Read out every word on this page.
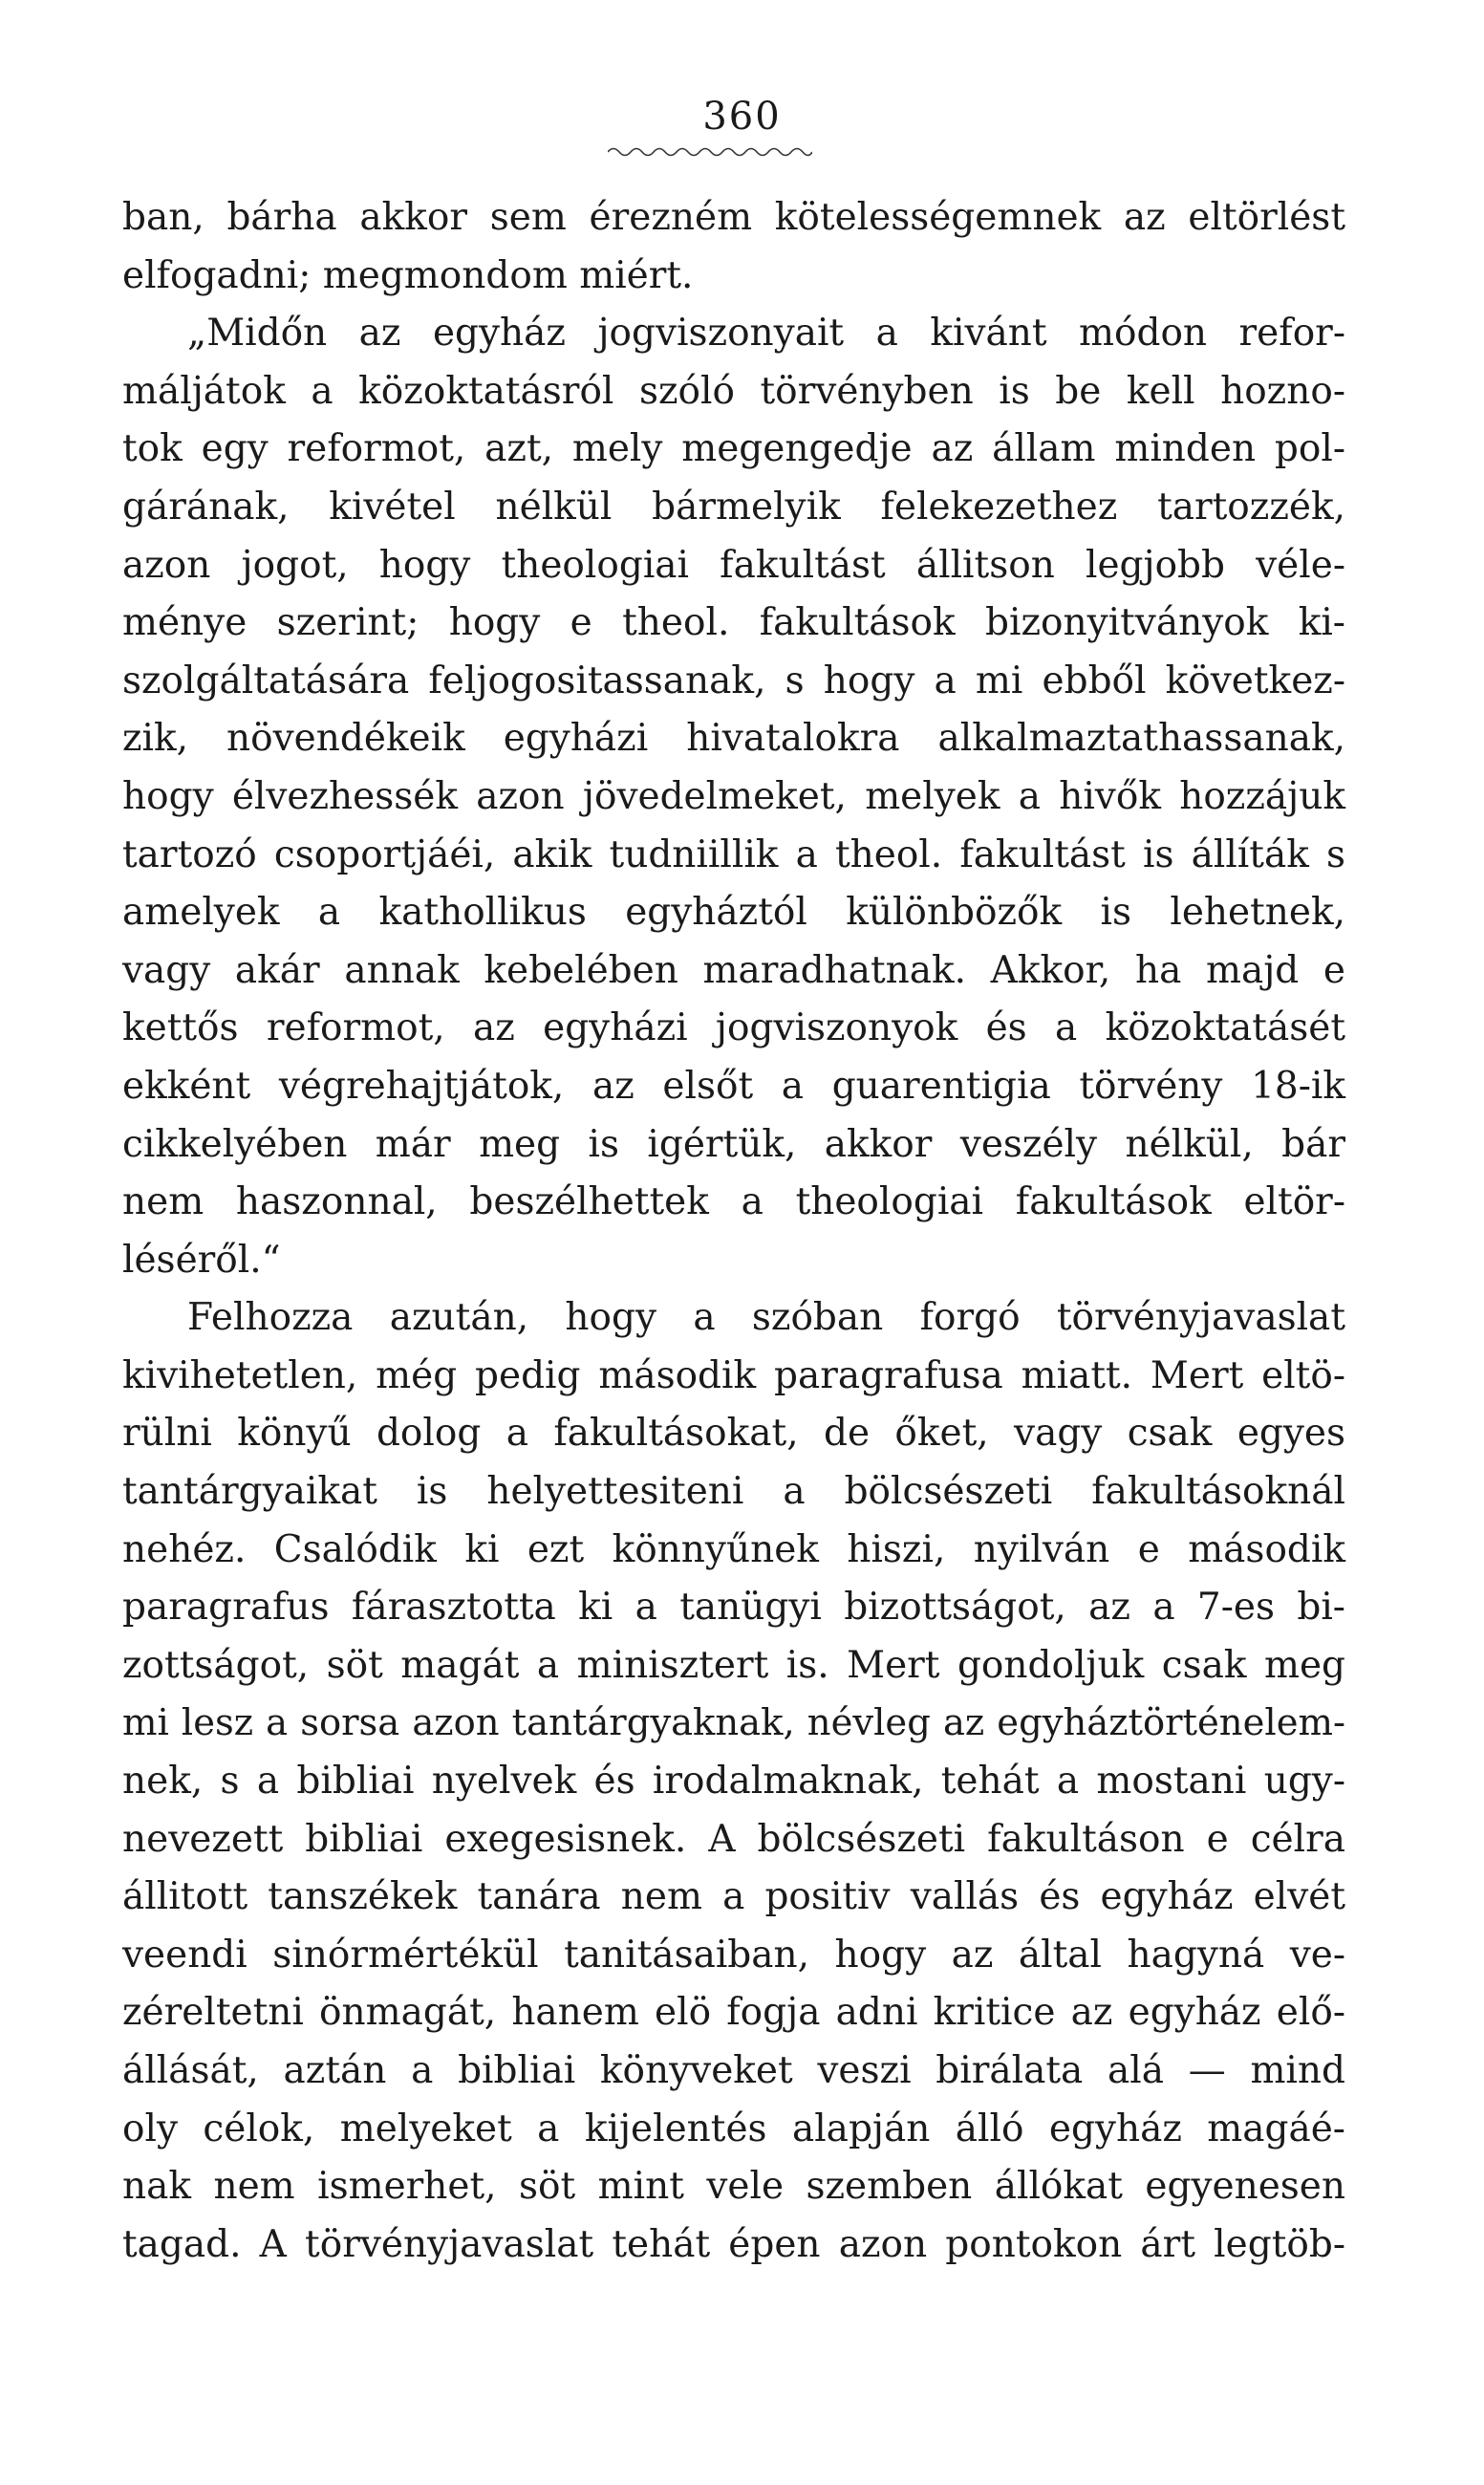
360
ban, bárha akkor sem érezném kötelességemnek az eltörlést
elfogadni; megmondom miért.
„Midőn az egyház jogviszonyait a kivánt módon refor-
máljátok a közoktatásról szóló törvényben is be kell hozno-
tok egy reformot, azt, mely megengedje az állam minden pol-
gárának, kivétel nélkül bármelyik felekezethez tartozzék,
azon jogot, hogy theologiai fakultást állitson legjobb véle-
ménye szerint; hogy e theol. fakultások bizonyitványok ki-
szolgáltatására feljogositassanak, s hogy a mi ebből következ-
zik, növendékeik egyházi hivatalokra alkalmaztathassanak,
hogy élvezhessék azon jövedelmeket, melyek a hivők hozzájuk
tartozó csoportjáéi, akik tudniillik a theol. fakultást is állíták s
amelyek a kathollikus egyháztól különbözők is lehetnek,
vagy akár annak kebelében maradhatnak. Akkor, ha majd e
kettős reformot, az egyházi jogviszonyok és a közoktatásét
ekként végrehajtjátok, az elsőt a guarentigia törvény 18-ik
cikkelyében már meg is igértük, akkor veszély nélkül, bár
nem haszonnal, beszélhettek a theologiai fakultások eltör-
léséről.“
Felhozza azután, hogy a szóban forgó törvényjavaslat
kivihetetlen, még pedig második paragrafusa miatt. Mert eltö-
rülni könyű dolog a fakultásokat, de őket, vagy csak egyes
tantárgyaikat is helyettesiteni a bölcsészeti fakultásoknál
nehéz. Csalódik ki ezt könnyűnek hiszi, nyilván e második
paragrafus fárasztotta ki a tanügyi bizottságot, az a 7-es bi-
zottságot, söt magát a minisztert is. Mert gondoljuk csak meg
mi lesz a sorsa azon tantárgyaknak, névleg az egyháztörténelem-
nek, s a bibliai nyelvek és irodalmaknak, tehát a mostani ugy-
nevezett bibliai exegesisnek. A bölcsészeti fakultáson e célra
állitott tanszékek tanára nem a positiv vallás és egyház elvét
veendi sinórmértékül tanitásaiban, hogy az által hagyná ve-
zéreltetni önmagát, hanem elö fogja adni kritice az egyház elő-
állását, aztán a bibliai könyveket veszi birálata alá — mind
oly célok, melyeket a kijelentés alapján álló egyház magáé-
nak nem ismerhet, söt mint vele szemben állókat egyenesen
tagad. A törvényjavaslat tehát épen azon pontokon árt legtöb-
